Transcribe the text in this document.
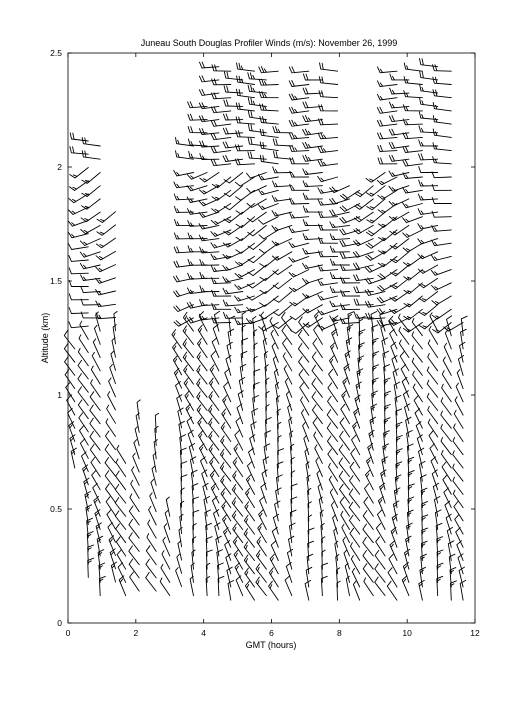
Juneau South Douglas Profiler Winds (m/s): November 26, 1999
0	2	4	6	8	10	12
0
0.5
1
1.5
2
2.5
GMT (hours)
Altitude (km)
